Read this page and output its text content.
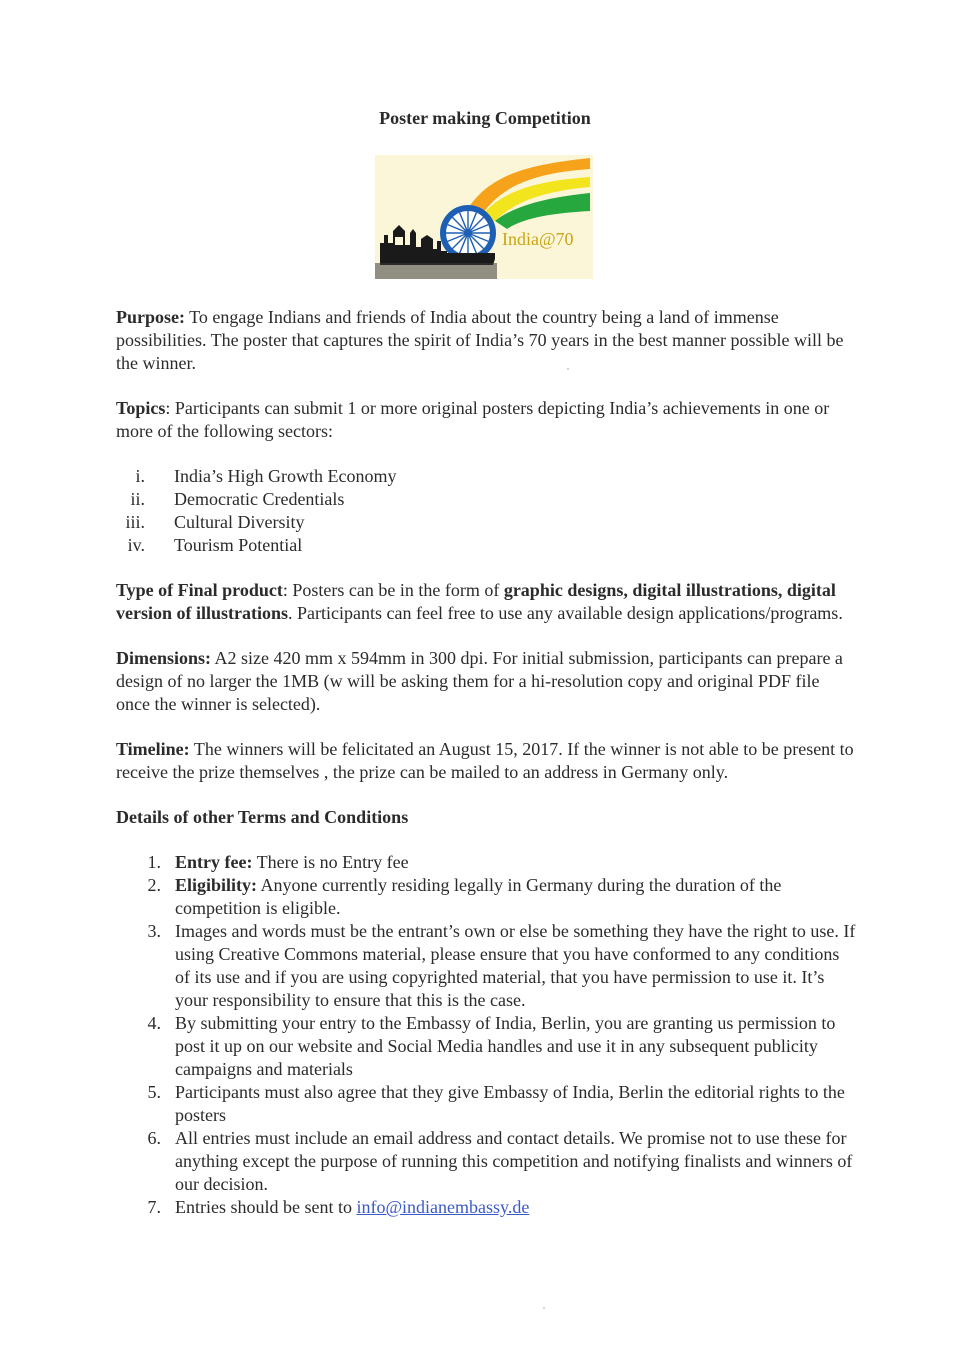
Poster making Competition
India@70

Purpose: To engage Indians and friends of India about the country being a land of immense possibilities. The poster that captures the spirit of India’s 70 years in the best manner possible will be the winner.

Topics: Participants can submit 1 or more original posters depicting India’s achievements in one or more of the following sectors:

i. India’s High Growth Economy
ii. Democratic Credentials
iii. Cultural Diversity
iv. Tourism Potential

Type of Final product: Posters can be in the form of graphic designs, digital illustrations, digital version of illustrations. Participants can feel free to use any available design applications/programs.

Dimensions: A2 size 420 mm x 594mm in 300 dpi. For initial submission, participants can prepare a design of no larger the 1MB (w will be asking them for a hi-resolution copy and original PDF file once the winner is selected).

Timeline: The winners will be felicitated an August 15, 2017. If the winner is not able to be present to receive the prize themselves , the prize can be mailed to an address in Germany only.

Details of other Terms and Conditions
1. Entry fee: There is no Entry fee
2. Eligibility: Anyone currently residing legally in Germany during the duration of the competition is eligible.
3. Images and words must be the entrant’s own or else be something they have the right to use. If using Creative Commons material, please ensure that you have conformed to any conditions of its use and if you are using copyrighted material, that you have permission to use it. It’s your responsibility to ensure that this is the case.
4. By submitting your entry to the Embassy of India, Berlin, you are granting us permission to post it up on our website and Social Media handles and use it in any subsequent publicity campaigns and materials
5. Participants must also agree that they give Embassy of India, Berlin the editorial rights to the posters
6. All entries must include an email address and contact details. We promise not to use these for anything except the purpose of running this competition and notifying finalists and winners of our decision.
7. Entries should be sent to info@indianembassy.de
